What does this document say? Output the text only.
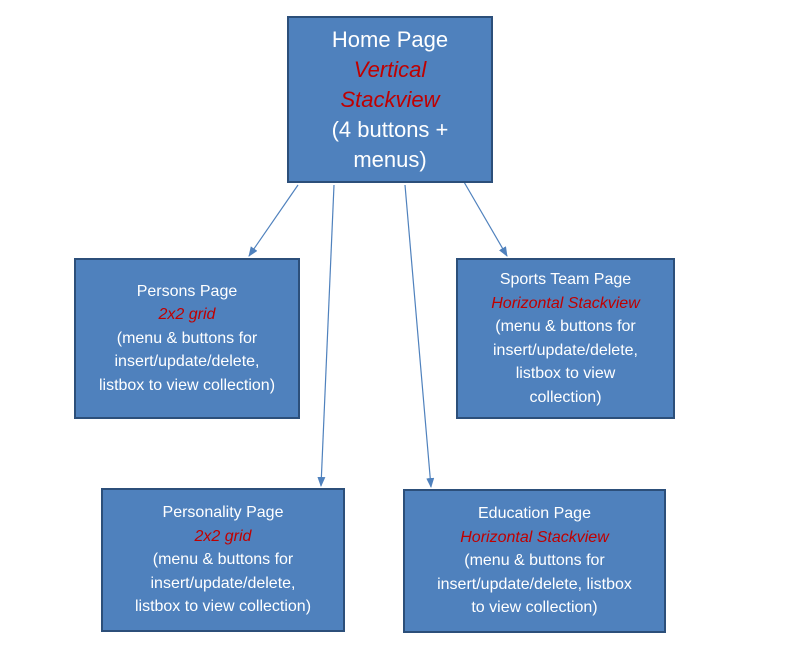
Home Page
Vertical
Stackview
(4 buttons +
menus)
Persons Page
2x2 grid
(menu & buttons for
insert/update/delete,
listbox to view collection)
Sports Team Page
Horizontal Stackview
(menu & buttons for
insert/update/delete,
listbox to view
collection)
Personality Page
2x2 grid
(menu & buttons for
insert/update/delete,
listbox to view collection)
Education Page
Horizontal Stackview
(menu & buttons for
insert/update/delete, listbox
to view collection)
